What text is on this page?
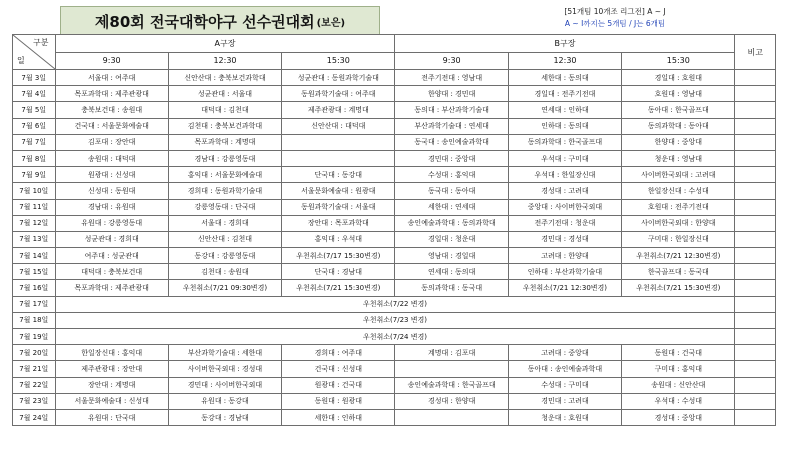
제80회 전국대학야구 선수권대회 (보은)
[51개팀 10개조 리그전] A ~ J
A ~ I까지는 5개팀 / J는 6개팀
구분
일	A구장			B구장			비고
	9:30	12:30	15:30	9:30	12:30	15:30	
7월 3일	서울대 : 여주대	신안산대 : 충북보건과학대	성균관대 : 동원과학기술대	전주기전대 : 영남대	세한대 : 동의대	경일대 : 호원대	
7월 4일	목포과학대 : 제주관광대	성균관대 : 서울대	동원과학기술대 : 여주대	한양대 : 경민대	경일대 : 전주기전대	호원대 : 영남대	
7월 5일	충북보건대 : 송원대	대덕대 : 김천대	제주관광대 : 계명대	동의대 : 부산과학기술대	연세대 : 인하대	동아대 : 한국골프대	
7월 6일	건국대 : 서울문화예술대	김천대 : 충북보건과학대	신안산대 : 대덕대	부산과학기술대 : 연세대	인하대 : 동의대	동의과학대 : 동아대	
7월 7일	김포대 : 장안대	목포과학대 : 계명대		동국대 : 송인예술과학대	동의과학대 : 한국골프대	한양대 : 중앙대	
7월 8일	송원대 : 대덕대	경남대 : 강릉영동대		경민대 : 중앙대	우석대 : 구미대	청운대 : 영남대	
7월 9일	원광대 : 신성대	홍익대 : 서울문화예술대	단국대 : 동강대	수성대 : 홍익대	우석대 : 한일장신대	사이버한국외대 : 고려대	
7월 10일	신성대 : 동원대	경희대 : 동원과학기술대	서울문화예술대 : 원광대	동국대 : 동아대	경성대 : 고려대	한일장신대 : 수성대	
7월 11일	경남대 : 유원대	강릉영동대 : 단국대	동원과학기술대 : 서울대	세한대 : 연세대	중앙대 : 사이버한국외대	호원대 : 전주기전대	
7월 12일	유원대 : 강릉영동대	서울대 : 경희대	장안대 : 목포과학대	송인예술과학대 : 동의과학대	전주기전대 : 청운대	사이버한국외대 : 한양대	
7월 13일	성균관대 : 경희대	신안산대 : 김천대	홍익대 : 우석대	경일대 : 청운대	경민대 : 경성대	구미대 : 한일장신대	
7월 14일	여주대 : 성균관대	동강대 : 강릉영동대	우천취소(7/17 15:30변경)	영남대 : 경일대	고려대 : 한양대	우천취소(7/21 12:30변경)	
7월 15일	대덕대 : 충북보건대	김천대 : 송원대	단국대 : 경남대	연세대 : 동의대	인하대 : 부산과학기술대	한국골프대 : 동국대	
7월 16일	목포과학대 : 제주관광대	우천취소(7/21 09:30변경)	우천취소(7/21 15:30변경)	동의과학대 : 동국대	우천취소(7/21 12:30변경)	우천취소(7/21 15:30변경)	
7월 17일	우천취소(7/22 변경)						
7월 18일	우천취소(7/23 변경)						
7월 19일	우천취소(7/24 변경)						
7월 20일	한일장신대 : 홍익대	부산과학기술대 : 세한대	경희대 : 여주대	계명대 : 김포대	고려대 : 중앙대	동원대 : 건국대	
7월 21일	제주관광대 : 장안대	사이버한국외대 : 경성대	건국대 : 신성대		동아대 : 송인예술과학대	구미대 : 홍익대	
7월 22일	장안대 : 계명대	경민대 : 사이버한국외대	원광대 : 건국대	송인예술과학대 : 한국골프대	수성대 : 구미대	송원대 : 신안산대	
7월 23일	서울문화예술대 : 신성대	유원대 : 동강대	동원대 : 원광대	경성대 : 한양대	경민대 : 고려대	우석대 : 수성대	
7월 24일	유원대 : 단국대	동강대 : 경남대	세한대 : 인하대		청운대 : 호원대	경성대 : 중앙대	
